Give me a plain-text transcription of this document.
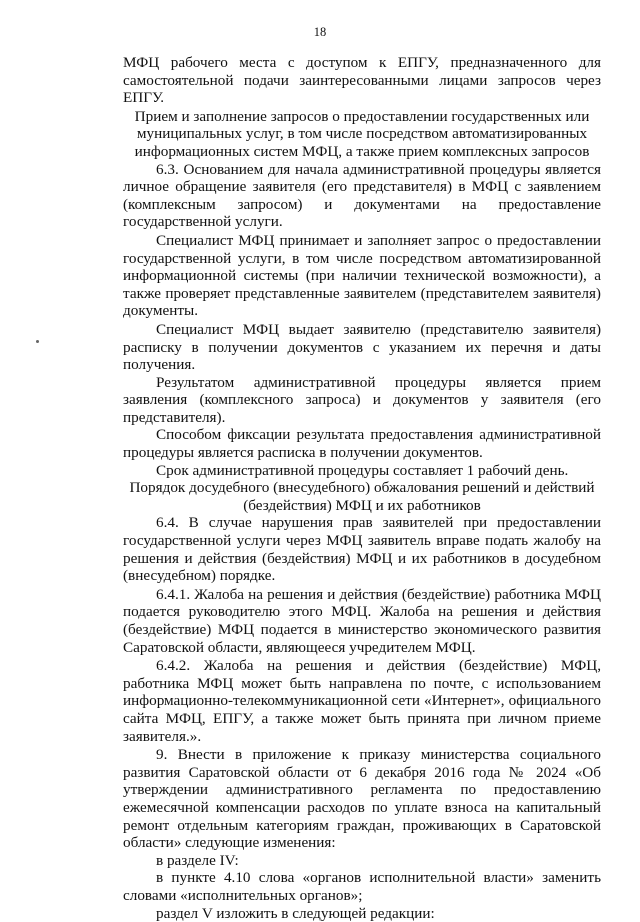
18

МФЦ рабочего места с доступом к ЕПГУ, предназначенного для самостоятельной подачи заинтересованными лицами запросов через ЕПГУ.

Прием и заполнение запросов о предоставлении государственных или муниципальных услуг, в том числе посредством автоматизированных информационных систем МФЦ, а также прием комплексных запросов

6.3. Основанием для начала административной процедуры является личное обращение заявителя (его представителя) в МФЦ с заявлением (комплексным запросом) и документами на предоставление государственной услуги.

Специалист МФЦ принимает и заполняет запрос о предоставлении государственной услуги, в том числе посредством автоматизированной информационной системы (при наличии технической возможности), а также проверяет представленные заявителем (представителем заявителя) документы.

Специалист МФЦ выдает заявителю (представителю заявителя) расписку в получении документов с указанием их перечня и даты получения.

Результатом административной процедуры является прием заявления (комплексного запроса) и документов у заявителя (его представителя).

Способом фиксации результата предоставления административной процедуры является расписка в получении документов.

Срок административной процедуры составляет 1 рабочий день.

Порядок досудебного (внесудебного) обжалования решений и действий (бездействия) МФЦ и их работников

6.4. В случае нарушения прав заявителей при предоставлении государственной услуги через МФЦ заявитель вправе подать жалобу на решения и действия (бездействия) МФЦ и их работников в досудебном (внесудебном) порядке.

6.4.1. Жалоба на решения и действия (бездействие) работника МФЦ подается руководителю этого МФЦ. Жалоба на решения и действия (бездействие) МФЦ подается в министерство экономического развития Саратовской области, являющееся учредителем МФЦ.

6.4.2. Жалоба на решения и действия (бездействие) МФЦ, работника МФЦ может быть направлена по почте, с использованием информационно-телекоммуникационной сети «Интернет», официального сайта МФЦ, ЕПГУ, а также может быть принята при личном приеме заявителя.».

9. Внести в приложение к приказу министерства социального развития Саратовской области от 6 декабря 2016 года № 2024 «Об утверждении административного регламента по предоставлению ежемесячной компенсации расходов по уплате взноса на капитальный ремонт отдельным категориям граждан, проживающих в Саратовской области» следующие изменения:

в разделе IV:

в пункте 4.10 слова «органов исполнительной власти» заменить словами «исполнительных органов»;

раздел V изложить в следующей редакции:
